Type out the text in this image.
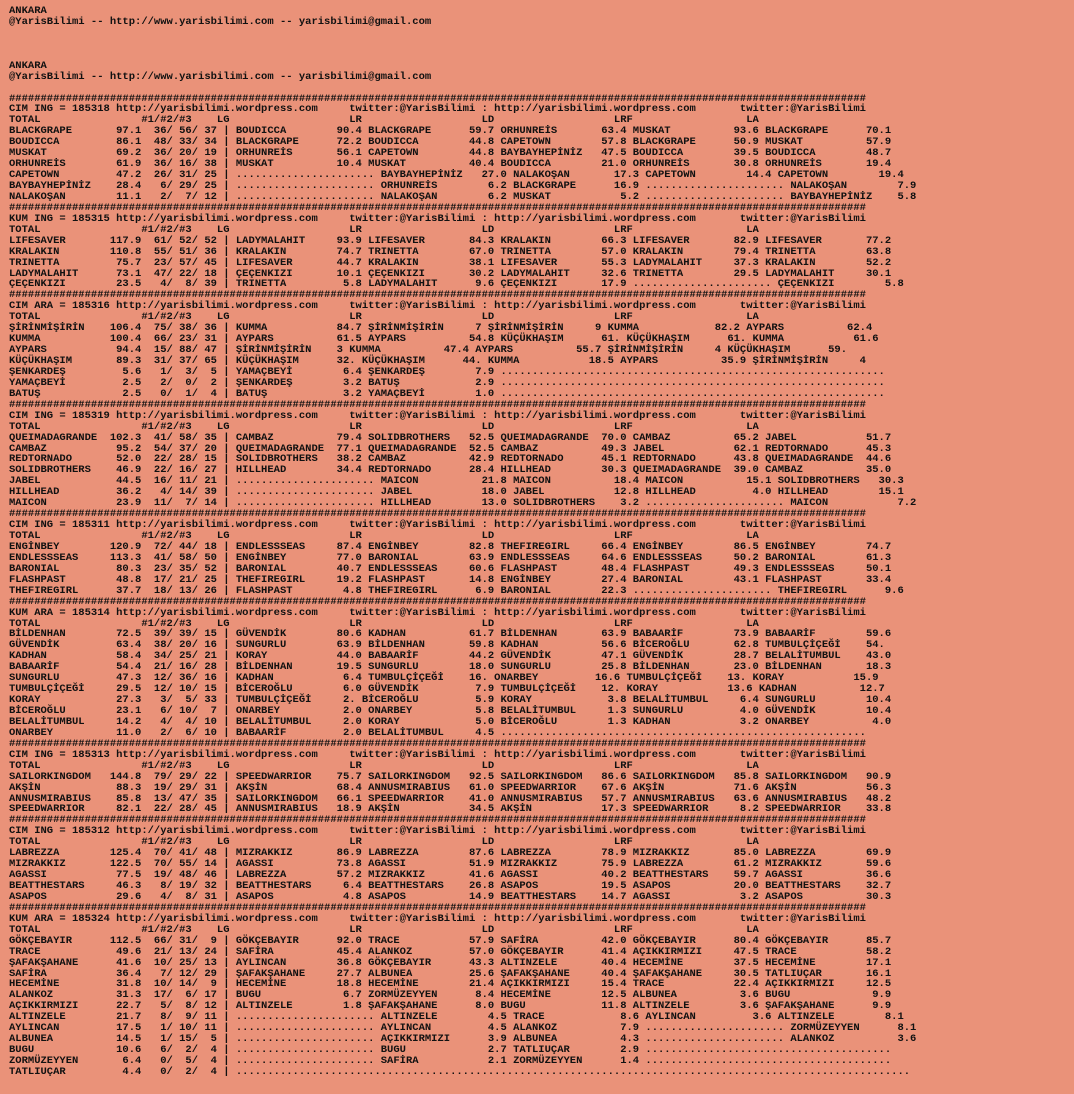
ANKARA
@YarisBilimi -- http://www.yarisbilimi.com -- yarisbilimi@gmail.com
ANKARA
@YarisBilimi -- http://www.yarisbilimi.com -- yarisbilimi@gmail.com
########################################################################################################################################
CIM ING = 185318 http://yarisbilimi.wordpress.com     twitter:@YarisBilimi : http://yarisbilimi.wordpress.com       twitter:@YarisBilimi
TOTAL                #1/#2/#3    LG                   LR                   LD                   LRF                  LA
BLACKGRAPE       97.1  36/ 56/ 37 | BOUDICCA        90.4 BLACKGRAPE      59.7 ORHUNREİS       63.4 MUSKAT          93.6 BLACKGRAPE      70.1
BOUDICCA         86.1  48/ 33/ 34 | BLACKGRAPE      72.2 BOUDICCA        44.8 CAPETOWN        57.8 BLACKGRAPE      50.9 MUSKAT          57.9
MUSKAT           69.2  36/ 20/ 19 | ORHUNREİS       56.1 CAPETOWN        44.8 BAYBAYHEPİNİZ   47.5 BOUDICCA        39.5 BOUDICCA        48.7
ORHUNREİS        61.9  36/ 16/ 38 | MUSKAT          10.4 MUSKAT          40.4 BOUDICCA        21.0 ORHUNREİS       30.8 ORHUNREİS       19.4
CAPETOWN         47.2  26/ 31/ 25 | ...................... BAYBAYHEPİNİZ   27.0 NALAKOŞAN       17.3 CAPETOWN        14.4 CAPETOWN        19.4
BAYBAYHEPİNİZ    28.4   6/ 29/ 25 | ...................... ORHUNREİS        6.2 BLACKGRAPE      16.9 ...................... NALAKOŞAN        7.9
NALAKOŞAN        11.1   2/  7/ 12 | ...................... NALAKOŞAN        6.2 MUSKAT           5.2 ...................... BAYBAYHEPİNİZ    5.8
########################################################################################################################################
KUM ING = 185315 http://yarisbilimi.wordpress.com     twitter:@YarisBilimi : http://yarisbilimi.wordpress.com       twitter:@YarisBilimi
TOTAL                #1/#2/#3    LG                   LR                   LD                   LRF                  LA
LIFESAVER       117.9  61/ 52/ 52 | LADYMALAHIT     93.9 LIFESAVER       84.3 KRALAKIN        66.3 LIFESAVER       82.9 LIFESAVER       77.2
KRALAKIN        110.8  55/ 51/ 36 | KRALAKIN        74.7 TRINETTA        67.0 TRINETTA        57.0 KRALAKIN        79.4 TRINETTA        63.8
TRINETTA         75.7  23/ 57/ 45 | LIFESAVER       44.7 KRALAKIN        38.1 LIFESAVER       55.3 LADYMALAHIT     37.3 KRALAKIN        52.2
LADYMALAHIT      73.1  47/ 22/ 18 | ÇEÇENKIZI       10.1 ÇEÇENKIZI       30.2 LADYMALAHIT     32.6 TRINETTA        29.5 LADYMALAHIT     30.1
ÇEÇENKIZI        23.5   4/  8/ 39 | TRINETTA         5.8 LADYMALAHIT      9.6 ÇEÇENKIZI       17.9 ...................... ÇEÇENKIZI        5.8
########################################################################################################################################
CIM ARA = 185316 http://yarisbilimi.wordpress.com     twitter:@YarisBilimi : http://yarisbilimi.wordpress.com       twitter:@YarisBilimi
TOTAL                #1/#2/#3    LG                   LR                   LD                   LRF                  LA
ŞİRİNMİŞİRİN    106.4  75/ 38/ 36 | KUMMA           84.7 ŞİRİNMİŞİRİN     7 ŞİRİNMİŞİRİN     9 KUMMA            82.2 AYPARS          62.4
KUMMA           100.4  66/ 23/ 31 | AYPARS          61.5 AYPARS          54.8 KÜÇÜKHAŞIM      61. KÜÇÜKHAŞIM      61. KUMMA           61.6
AYPARS           94.4  15/ 88/ 47 | ŞİRİNMİŞİRİN    3 KUMMA          47.4 AYPARS          55.7 ŞİRİNMİŞİRİN     4 KÜÇÜKHAŞIM      59.
KÜÇÜKHAŞIM       89.3  31/ 37/ 65 | KÜÇÜKHAŞIM      32. KÜÇÜKHAŞIM      44. KUMMA           18.5 AYPARS          35.9 ŞİRİNMİŞİRİN     4
ŞENKARDEŞ         5.6   1/  3/  5 | YAMAÇBEYİ        6.4 ŞENKARDEŞ        7.9 .............................................................
YAMAÇBEYİ         2.5   2/  0/  2 | ŞENKARDEŞ        3.2 BATUŞ            2.9 .............................................................
BATUŞ             2.5   0/  1/  4 | BATUŞ            3.2 YAMAÇBEYİ        1.0 .............................................................
########################################################################################################################################
CIM ING = 185319 http://yarisbilimi.wordpress.com     twitter:@YarisBilimi : http://yarisbilimi.wordpress.com       twitter:@YarisBilimi
TOTAL                #1/#2/#3    LG                   LR                   LD                   LRF                  LA
QUEIMADAGRANDE  102.3  41/ 58/ 35 | CAMBAZ          79.4 SOLIDBROTHERS   52.5 QUEIMADAGRANDE  70.0 CAMBAZ          65.2 JABEL           51.7
CAMBAZ           95.2  54/ 37/ 20 | QUEIMADAGRANDE  77.1 QUEIMADAGRANDE  52.5 CAMBAZ          49.3 JABEL           62.1 REDTORNADO      45.3
REDTORNADO       52.0  22/ 28/ 15 | SOLIDBROTHERS   38.2 CAMBAZ          42.9 REDTORNADO      45.1 REDTORNADO      43.8 QUEIMADAGRANDE  44.6
SOLIDBROTHERS    46.9  22/ 16/ 27 | HILLHEAD        34.4 REDTORNADO      28.4 HILLHEAD        30.3 QUEIMADAGRANDE  39.0 CAMBAZ          35.0
JABEL            44.5  16/ 11/ 21 | ...................... MAICON          21.8 MAICON          18.4 MAICON          15.1 SOLIDBROTHERS   30.3
HILLHEAD         36.2   4/ 14/ 39 | ...................... JABEL           18.0 JABEL           12.8 HILLHEAD         4.0 HILLHEAD        15.1
MAICON           23.9  11/  7/ 14 | ...................... HILLHEAD        13.0 SOLIDBROTHERS    3.2 ...................... MAICON           7.2
########################################################################################################################################
CIM ING = 185311 http://yarisbilimi.wordpress.com     twitter:@YarisBilimi : http://yarisbilimi.wordpress.com       twitter:@YarisBilimi
TOTAL                #1/#2/#3    LG                   LR                   LD                   LRF                  LA
ENGİNBEY        120.9  72/ 44/ 18 | ENDLESSSEAS     87.4 ENGİNBEY        82.8 THEFIREGIRL     66.4 ENGİNBEY        86.5 ENGİNBEY        74.7
ENDLESSSEAS     113.3  41/ 58/ 50 | ENGİNBEY        77.0 BARONIAL        63.9 ENDLESSSEAS     64.6 ENDLESSSEAS     50.2 BARONIAL        61.3
BARONIAL         80.3  23/ 35/ 52 | BARONIAL        40.7 ENDLESSSEAS     60.6 FLASHPAST       48.4 FLASHPAST       49.3 ENDLESSSEAS     50.1
FLASHPAST        48.8  17/ 21/ 25 | THEFIREGIRL     19.2 FLASHPAST       14.8 ENGİNBEY        27.4 BARONIAL        43.1 FLASHPAST       33.4
THEFIREGIRL      37.7  18/ 13/ 26 | FLASHPAST        4.8 THEFIREGIRL      6.9 BARONIAL        22.3 ...................... THEFIREGIRL      9.6
########################################################################################################################################
KUM ARA = 185314 http://yarisbilimi.wordpress.com     twitter:@YarisBilimi : http://yarisbilimi.wordpress.com       twitter:@YarisBilimi
TOTAL                #1/#2/#3    LG                   LR                   LD                   LRF                  LA
BİLDENHAN        72.5  39/ 39/ 15 | GÜVENDİK        80.6 KADHAN          61.7 BİLDENHAN       63.9 BABAARİF        73.9 BABAARİF        59.6
GÜVENDİK         63.4  38/ 20/ 16 | SUNGURLU        63.9 BİLDENHAN       59.8 KADHAN          56.6 BİCEROĞLU       62.8 TUMBULÇİÇEĞİ    54.
KADHAN           58.4  34/ 25/ 21 | KORAY           44.0 BABAARİF        44.2 GÜVENDİK        47.1 GÜVENDİK        28.7 BELALİTUMBUL    43.0
BABAARİF         54.4  21/ 16/ 28 | BİLDENHAN       19.5 SUNGURLU        18.0 SUNGURLU        25.8 BİLDENHAN       23.0 BİLDENHAN       18.3
SUNGURLU         47.3  12/ 36/ 16 | KADHAN           6.4 TUMBULÇİÇEĞİ    16. ONARBEY         16.6 TUMBULÇİÇEĞİ    13. KORAY           15.9
TUMBULÇİÇEĞİ     29.5  12/ 10/ 15 | BİCEROĞLU        6.0 GÜVENDİK         7.9 TUMBULÇİÇEĞİ    12. KORAY           13.6 KADHAN          12.7
KORAY            27.3   3/  5/ 33 | TUMBULÇİÇEĞİ     2. BİCEROĞLU         5.9 KORAY            3.8 BELALİTUMBUL     6.4 SUNGURLU        10.4
BİCEROĞLU        23.1   6/ 10/  7 | ONARBEY          2.0 ONARBEY          5.8 BELALİTUMBUL     1.3 SUNGURLU         4.0 GÜVENDİK        10.4
BELALİTUMBUL     14.2   4/  4/ 10 | BELALİTUMBUL     2.0 KORAY            5.0 BİCEROĞLU        1.3 KADHAN           3.2 ONARBEY          4.0
ONARBEY          11.0   2/  6/ 10 | BABAARİF         2.0 BELALİTUMBUL     4.5 ..........................................................
########################################################################################################################################
CIM ING = 185313 http://yarisbilimi.wordpress.com     twitter:@YarisBilimi : http://yarisbilimi.wordpress.com       twitter:@YarisBilimi
TOTAL                #1/#2/#3    LG                   LR                   LD                   LRF                  LA
SAILORKINGDOM   144.8  79/ 29/ 22 | SPEEDWARRIOR    75.7 SAILORKINGDOM   92.5 SAILORKINGDOM   86.6 SAILORKINGDOM   85.8 SAILORKINGDOM   90.9
AKŞİN            88.3  19/ 29/ 31 | AKŞİN           68.4 ANNUSMIRABIUS   61.0 SPEEDWARRIOR    67.6 AKŞİN           71.6 AKŞİN           56.3
ANNUSMIRABIUS    85.8  13/ 47/ 35 | SAILORKINGDOM   66.1 SPEEDWARRIOR    41.0 ANNUSMIRABIUS   57.7 ANNUSMIRABIUS   63.6 ANNUSMIRABIUS   48.2
SPEEDWARRIOR     82.1  22/ 28/ 45 | ANNUSMIRABIUS   18.9 AKŞİN           34.5 AKŞİN           17.3 SPEEDWARRIOR     8.2 SPEEDWARRIOR    33.8
########################################################################################################################################
CIM ING = 185312 http://yarisbilimi.wordpress.com     twitter:@YarisBilimi : http://yarisbilimi.wordpress.com       twitter:@YarisBilimi
TOTAL                #1/#2/#3    LG                   LR                   LD                   LRF                  LA
LABREZZA        125.4  70/ 41/ 48 | MIZRAKKIZ       86.9 LABREZZA        87.6 LABREZZA        78.9 MIZRAKKIZ       85.0 LABREZZA        69.9
MIZRAKKIZ       122.5  70/ 55/ 14 | AGASSI          73.8 AGASSI          51.9 MIZRAKKIZ       75.9 LABREZZA        61.2 MIZRAKKIZ       59.6
AGASSI           77.5  19/ 48/ 46 | LABREZZA        57.2 MIZRAKKIZ       41.6 AGASSI          40.2 BEATTHESTARS    59.7 AGASSI          36.6
BEATTHESTARS     46.3   8/ 19/ 32 | BEATTHESTARS     6.4 BEATTHESTARS    26.8 ASAPOS          19.5 ASAPOS          20.0 BEATTHESTARS    32.7
ASAPOS           29.6   4/  8/ 31 | ASAPOS           4.8 ASAPOS          14.9 BEATTHESTARS    14.7 AGASSI           3.2 ASAPOS          30.3
########################################################################################################################################
KUM ARA = 185324 http://yarisbilimi.wordpress.com     twitter:@YarisBilimi : http://yarisbilimi.wordpress.com       twitter:@YarisBilimi
TOTAL                #1/#2/#3    LG                   LR                   LD                   LRF                  LA
GÖKÇEBAYIR      112.5  66/ 31/  9 | GÖKÇEBAYIR      92.0 TRACE           57.9 SAFİRA          42.0 GÖKÇEBAYIR      80.4 GÖKÇEBAYIR      85.7
TRACE            49.6  21/ 13/ 24 | SAFİRA          45.4 ALANKOZ         57.0 GÖKÇEBAYIR      41.4 AÇIKKIRMIZI     47.5 TRACE           58.2
ŞAFAKŞAHANE      41.6  10/ 25/ 13 | AYLINCAN        36.8 GÖKÇEBAYIR      43.3 ALTINZELE       40.4 HECEMİNE        37.5 HECEMİNE        17.1
SAFİRA           36.4   7/ 12/ 29 | ŞAFAKŞAHANE     27.7 ALBUNEA         25.6 ŞAFAKŞAHANE     40.4 ŞAFAKŞAHANE     30.5 TATLIUÇAR       16.1
HECEMİNE         31.8  10/ 14/  9 | HECEMİNE        18.8 HECEMİNE        21.4 AÇIKKIRMIZI     15.4 TRACE           22.4 AÇIKKIRMIZI     12.5
ALANKOZ          31.3  17/  6/ 17 | BUGU             6.7 ZORMÜZEYYEN      8.4 HECEMİNE        12.5 ALBUNEA          3.6 BUGU             9.9
AÇIKKIRMIZI      22.7   5/  8/ 12 | ALTINZELE        1.8 ŞAFAKŞAHANE      8.0 BUGU            11.8 ALTINZELE        3.6 ŞAFAKŞAHANE      9.9
ALTINZELE        21.7   8/  9/ 11 | ...................... ALTINZELE        4.5 TRACE            8.6 AYLINCAN         3.6 ALTINZELE        8.1
AYLINCAN         17.5   1/ 10/ 11 | ...................... AYLINCAN         4.5 ALANKOZ          7.9 ...................... ZORMÜZEYYEN      8.1
ALBUNEA          14.5   1/ 15/  5 | ...................... AÇIKKIRMIZI      3.9 ALBUNEA          4.3 ...................... ALANKOZ          3.6
BUGU             10.6   6/  2/  4 | ...................... BUGU             2.7 TATLIUÇAR        2.9 .......................................
ZORMÜZEYYEN       6.4   0/  5/  4 | ...................... SAFİRA           2.1 ZORMÜZEYYEN      1.4 .......................................
TATLIUÇAR         4.4   0/  2/  4 | ...........................................................................................................
